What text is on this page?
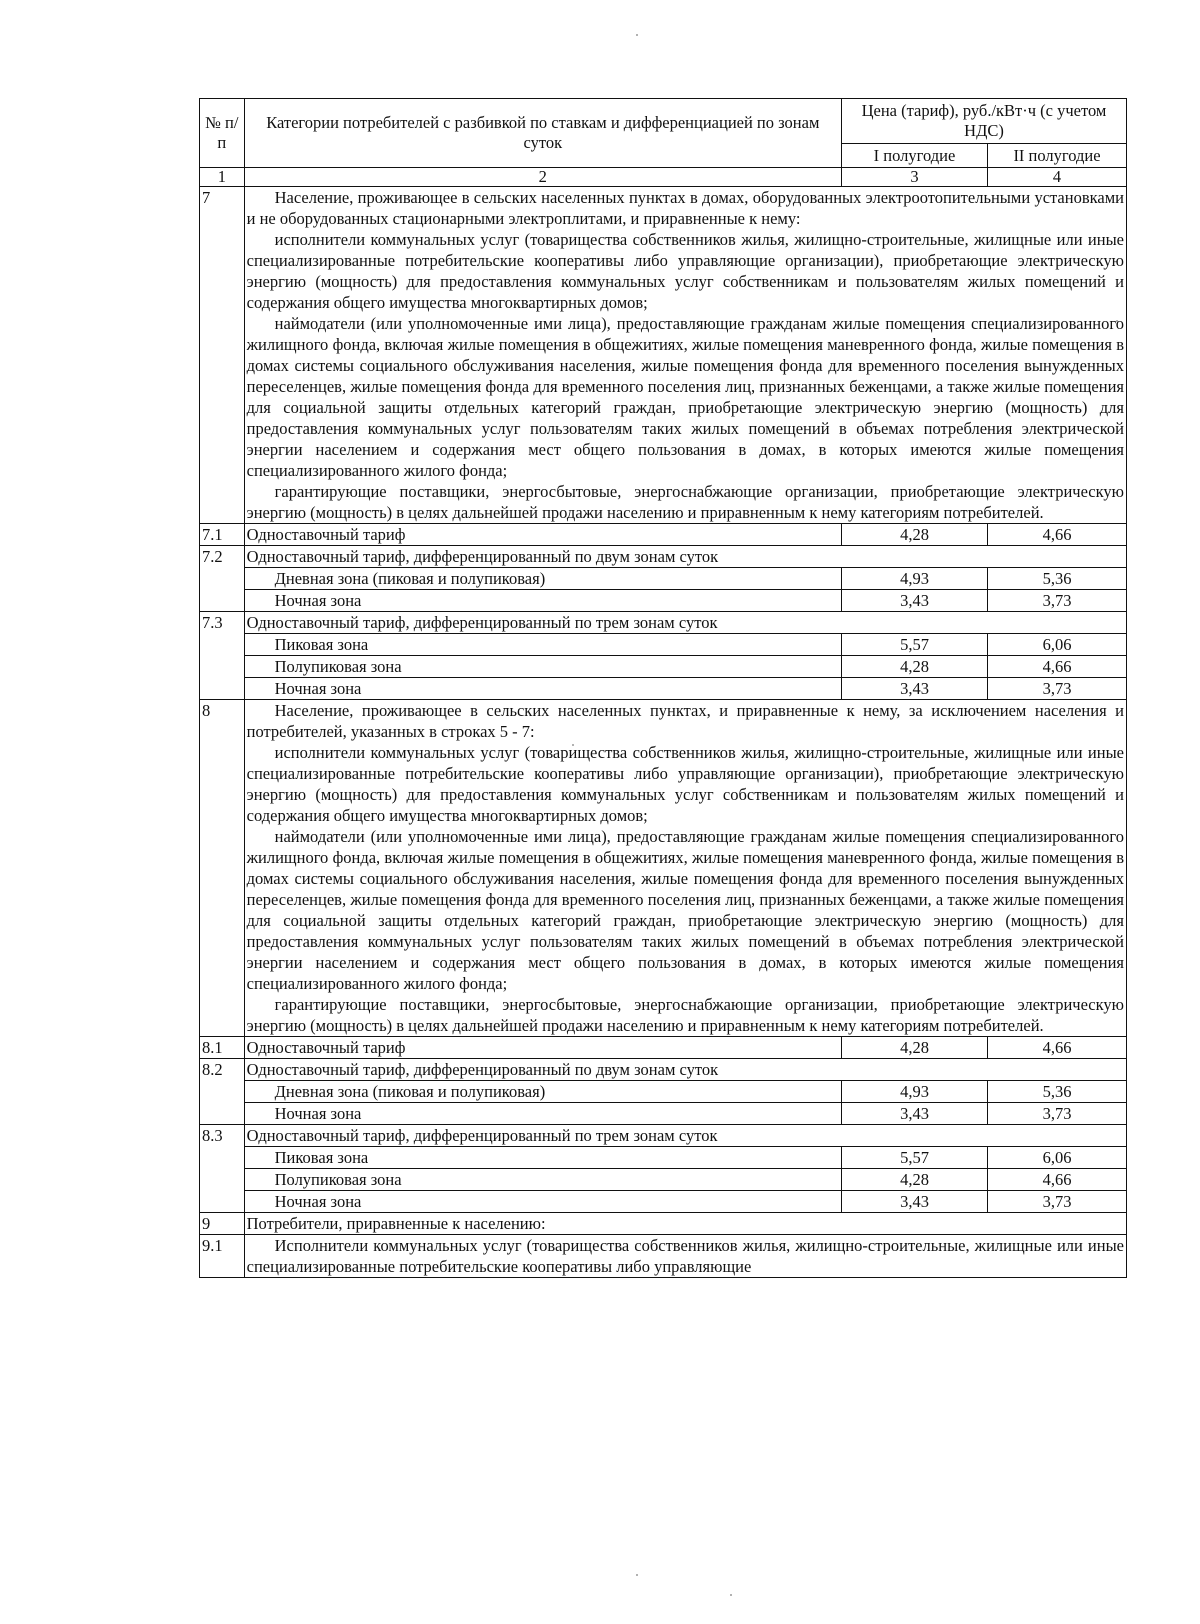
№ п/п	Категории потребителей с разбивкой по ставкам и дифференциацией по зонам суток	Цена (тариф), руб./кВт·ч (с учетом НДС)	
		I полугодие	II полугодие
1	2	3	4
7	Население, проживающее в сельских населенных пунктах в домах, оборудованных электроотопительными установками и не оборудованных стационарными электроплитами, и приравненные к нему:

исполнители коммунальных услуг (товарищества собственников жилья, жилищно-строительные, жилищные или иные специализированные потребительские кооперативы либо управляющие организации), приобретающие электрическую энергию (мощность) для предоставления коммунальных услуг собственникам и пользователям жилых помещений и содержания общего имущества многоквартирных домов;

наймодатели (или уполномоченные ими лица), предоставляющие гражданам жилые помещения специализированного жилищного фонда, включая жилые помещения в общежитиях, жилые помещения маневренного фонда, жилые помещения в домах системы социального обслуживания населения, жилые помещения фонда для временного поселения вынужденных переселенцев, жилые помещения фонда для временного поселения лиц, признанных беженцами, а также жилые помещения для социальной защиты отдельных категорий граждан, приобретающие электрическую энергию (мощность) для предоставления коммунальных услуг пользователям таких жилых помещений в объемах потребления электрической энергии населением и содержания мест общего пользования в домах, в которых имеются жилые помещения специализированного жилого фонда;

гарантирующие поставщики, энергосбытовые, энергоснабжающие организации, приобретающие электрическую энергию (мощность) в целях дальнейшей продажи населению и приравненным к нему категориям потребителей.		

7.1	Одноставочный тариф	4,28	4,66
7.2	Одноставочный тариф, дифференцированный по двум зонам суток		
	Дневная зона (пиковая и полупиковая)	4,93	5,36
	Ночная зона	3,43	3,73
7.3	Одноставочный тариф, дифференцированный по трем зонам суток		
	Пиковая зона	5,57	6,06
	Полупиковая зона	4,28	4,66
	Ночная зона	3,43	3,73
8	Население, проживающее в сельских населенных пунктах, и приравненные к нему, за исключением населения и потребителей, указанных в строках 5 - 7:

исполнители коммунальных услуг (товарищества собственников жилья, жилищно-строительные, жилищные или иные специализированные потребительские кооперативы либо управляющие организации), приобретающие электрическую энергию (мощность) для предоставления коммунальных услуг собственникам и пользователям жилых помещений и содержания общего имущества многоквартирных домов;

наймодатели (или уполномоченные ими лица), предоставляющие гражданам жилые помещения специализированного жилищного фонда, включая жилые помещения в общежитиях, жилые помещения маневренного фонда, жилые помещения в домах системы социального обслуживания населения, жилые помещения фонда для временного поселения вынужденных переселенцев, жилые помещения фонда для временного поселения лиц, признанных беженцами, а также жилые помещения для социальной защиты отдельных категорий граждан, приобретающие электрическую энергию (мощность) для предоставления коммунальных услуг пользователям таких жилых помещений в объемах потребления электрической энергии населением и содержания мест общего пользования в домах, в которых имеются жилые помещения специализированного жилого фонда;

гарантирующие поставщики, энергосбытовые, энергоснабжающие организации, приобретающие электрическую энергию (мощность) в целях дальнейшей продажи населению и приравненным к нему категориям потребителей.		

8.1	Одноставочный тариф	4,28	4,66
8.2	Одноставочный тариф, дифференцированный по двум зонам суток		
	Дневная зона (пиковая и полупиковая)	4,93	5,36
	Ночная зона	3,43	3,73
8.3	Одноставочный тариф, дифференцированный по трем зонам суток		
	Пиковая зона	5,57	6,06
	Полупиковая зона	4,28	4,66
	Ночная зона	3,43	3,73
9	Потребители, приравненные к населению:		
9.1	Исполнители коммунальных услуг (товарищества собственников жилья, жилищно-строительные, жилищные или иные специализированные потребительские кооперативы либо управляющие		
